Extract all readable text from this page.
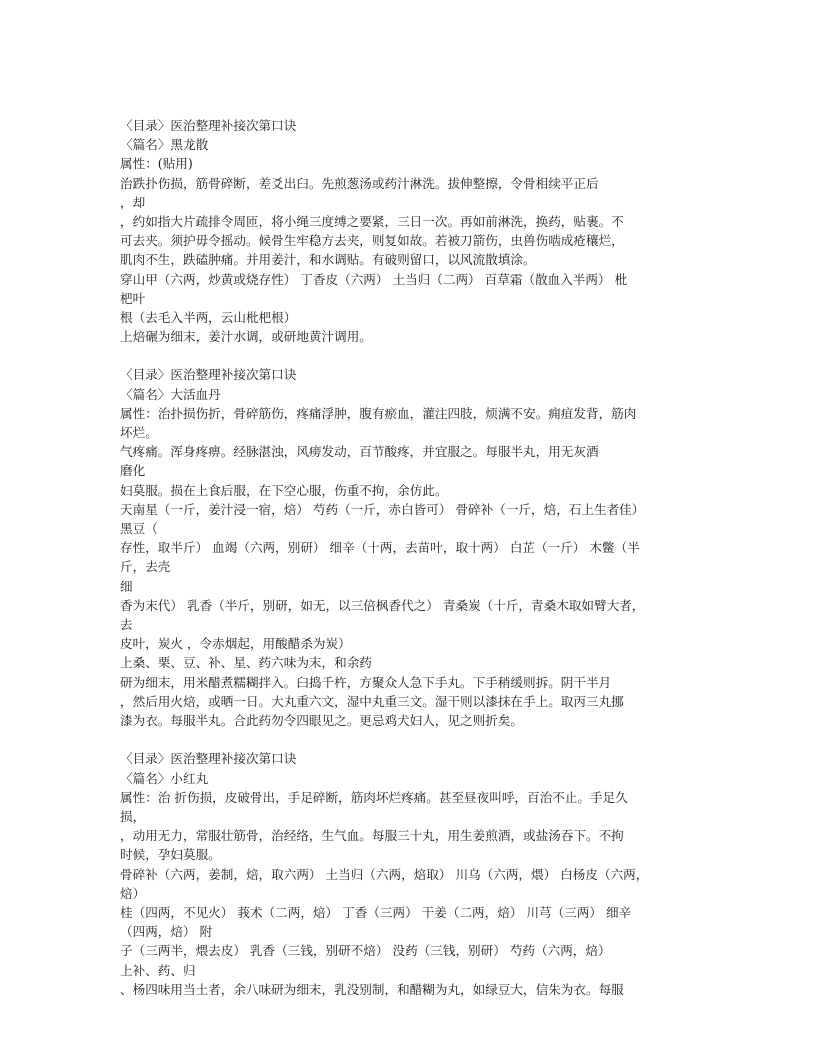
〈目录〉医治整理补接次第口诀
〈篇名〉黑龙散
属性：(贴用)
治跌扑伤损，筋骨碎断，差爻出臼。先煎葱汤或药汁淋洗。拔伸整擦，令骨相续平正后
，却
，约如指大片疏排令周匝，将小绳三度缚之要紧，三日一次。再如前淋洗，换药，贴裹。不
可去夹。须护毋令摇动。候骨生牢稳方去夹，则复如故。若被刀箭伤，虫兽伤啮成疮穰烂，
肌肉不生，跌磕肿痛。并用姜汁，和水调贴。有破则留口，以风流散填涂。
穿山甲（六两，炒黄或烧存性） 丁香皮（六两） 土当归（二两） 百草霜（散血入半两） 枇
杷叶
根（去毛入半两，云山枇杷根）
上焙碾为细末，姜汁水调，或研地黄汁调用。
〈目录〉医治整理补接次第口诀
〈篇名〉大活血丹
属性：治扑损伤折，骨碎筋伤，疼痛浮肿，腹有瘀血，灌注四肢，烦满不安。痈疽发背，筋肉
坏烂。
气疼痛。浑身疼痹。经脉湛浊，风痨发动，百节酸疼，并宜服之。每服半丸，用无灰酒
磨化
妇莫服。损在上食后服，在下空心服，伤重不拘，余仿此。
天南星（一斤，姜汁浸一宿，焙） 芍药（一斤，赤白皆可） 骨碎补（一斤，焙，石上生者佳）
黑豆（
存性，取半斤） 血竭（六两，别研） 细辛（十两，去苗叶，取十两） 白芷（一斤） 木鳖（半
斤，去壳
细
香为末代） 乳香（半斤，别研，如无，以三倍枫香代之） 青桑炭（十斤，青桑木取如臂大者，
去
皮叶，炭火 ，令赤烟起，用酸醋杀为炭）
上桑、栗、豆、补、星、药六味为末，和余药
研为细末，用米醋煮糯糊拌入。臼捣千杵，方聚众人急下手丸。下手稍缓则拆。阴干半月
，然后用火焙，或晒一日。大丸重六文，湿中丸重三文。湿干则以漆抹在手上。取丙三丸挪
漆为衣。每服半丸。合此药勿令四眼见之。更忌鸡犬妇人，见之则折矣。
〈目录〉医治整理补接次第口诀
〈篇名〉小红丸
属性：治 折伤损，皮破骨出，手足碎断，筋肉坏烂疼痛。甚至昼夜叫呼，百治不止。手足久
损，
，动用无力，常服壮筋骨，治经络，生气血。每服三十丸，用生姜煎酒，或盐汤吞下。不拘
时候，孕妇莫服。
骨碎补（六两，姜制，焙，取六两） 土当归（六两，焙取） 川乌（六两，煨） 白杨皮（六两，
焙）
桂（四两，不见火） 莪术（二两，焙） 丁香（三两） 干姜（二两，焙） 川芎（三两） 细辛
（四两，焙） 附
子（三两半，煨去皮） 乳香（三钱，别研不焙） 没药（三钱，别研） 芍药（六两，焙）
上补、药、归
、杨四味用当土者，余八味研为细末，乳没别制，和醋糊为丸，如绿豆大，信朱为衣。每服
